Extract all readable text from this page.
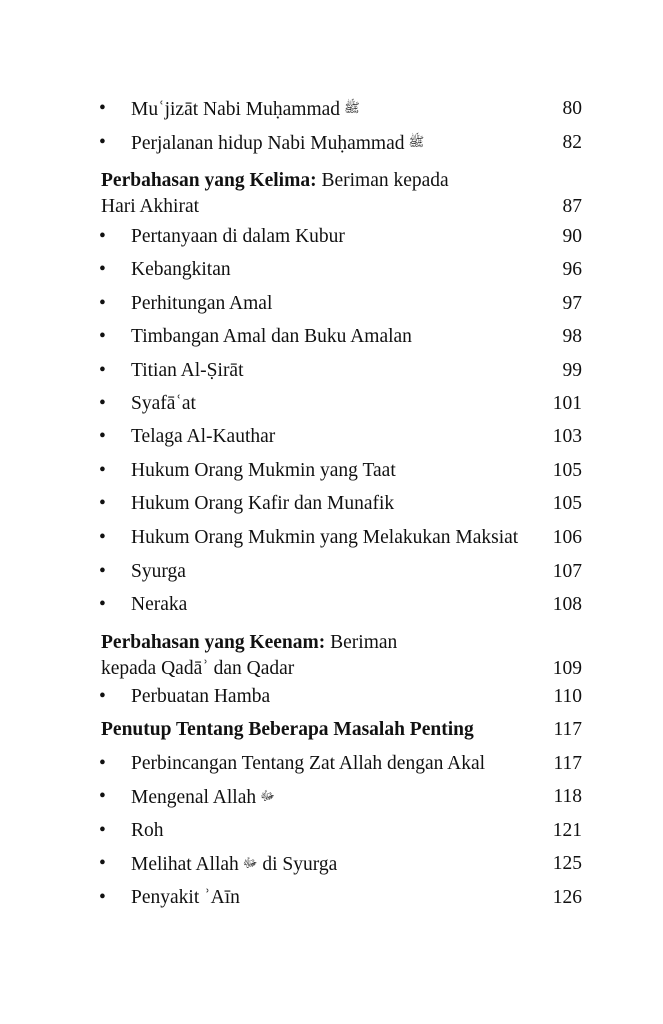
• Muʿjizāt Nabi Muḥammad ﷺ	80
• Perjalanan hidup Nabi Muḥammad ﷺ	82
Perbahasan yang Kelima: Beriman kepada
Hari Akhirat	87
• Pertanyaan di dalam Kubur	90
• Kebangkitan	96
• Perhitungan Amal	97
• Timbangan Amal dan Buku Amalan	98
• Titian Al-Ṣirāt	99
• Syafāʿat	101
• Telaga Al-Kauthar	103
• Hukum Orang Mukmin yang Taat	105
• Hukum Orang Kafir dan Munafik	105
• Hukum Orang Mukmin yang Melakukan Maksiat 106
• Syurga	107
• Neraka	108
Perbahasan yang Keenam: Beriman
kepada Qadāʾ dan Qadar	109
• Perbuatan Hamba	110
Penutup Tentang Beberapa Masalah Penting	117
• Perbincangan Tentang Zat Allah dengan Akal	117
• Mengenal Allah ﷻ	118
• Roh	121
• Melihat Allah ﷻ di Syurga	125
• Penyakit ʾAīn	126
